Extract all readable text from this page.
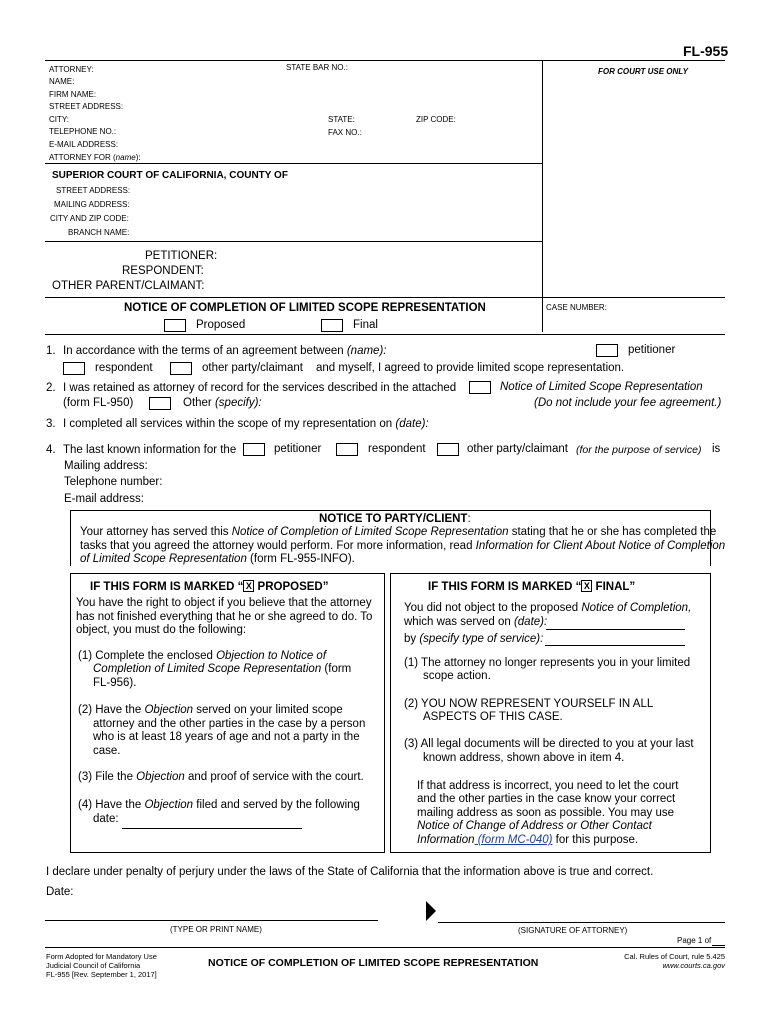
FL-955
FOR COURT USE ONLY
ATTORNEY:	STATE BAR NO.:
NAME:
FIRM NAME:
STREET ADDRESS:
CITY:	STATE:	ZIP CODE:
TELEPHONE NO.:	FAX NO.:
E-MAIL ADDRESS:
ATTORNEY FOR (name):
SUPERIOR COURT OF CALIFORNIA, COUNTY OF
STREET ADDRESS:
MAILING ADDRESS:
CITY AND ZIP CODE:
BRANCH NAME:
PETITIONER:
RESPONDENT:
OTHER PARENT/CLAIMANT:
NOTICE OF COMPLETION OF LIMITED SCOPE REPRESENTATION	CASE NUMBER:
Proposed	Final
1. In accordance with the terms of an agreement between (name):	petitioner
respondent	other party/claimant and myself, I agreed to provide limited scope representation.
2. I was retained as attorney of record for the services described in the attached	Notice of Limited Scope Representation
(form FL-950)	Other (specify):	(Do not include your fee agreement.)
3. I completed all services within the scope of my representation on (date):
4. The last known information for the	petitioner	respondent	other party/claimant (for the purpose of service) is
Mailing address:
Telephone number:
E-mail address:
NOTICE TO PARTY/CLIENT:
Your attorney has served this Notice of Completion of Limited Scope Representation stating that he or she has completed the
tasks that you agreed the attorney would perform. For more information, read Information for Client About Notice of Completion
of Limited Scope Representation (form FL-955-INFO).
IF THIS FORM IS MARKED “ X PROPOSED”
You have the right to object if you believe that the attorney
has not finished everything that he or she agreed to do. To
object, you must do the following:
(1) Complete the enclosed Objection to Notice of
Completion of Limited Scope Representation (form
FL-956).
(2) Have the Objection served on your limited scope
attorney and the other parties in the case by a person
who is at least 18 years of age and not a party in the
case.
(3) File the Objection and proof of service with the court.
(4) Have the Objection filed and served by the following
date:
IF THIS FORM IS MARKED “ X FINAL”
You did not object to the proposed Notice of Completion,
which was served on (date):
by (specify type of service):
(1) The attorney no longer represents you in your limited
scope action.
(2) YOU NOW REPRESENT YOURSELF IN ALL
ASPECTS OF THIS CASE.
(3) All legal documents will be directed to you at your last
known address, shown above in item 4.
If that address is incorrect, you need to let the court
and the other parties in the case know your correct
mailing address as soon as possible. You may use
Notice of Change of Address or Other Contact
Information (form MC-040) for this purpose.
I declare under penalty of perjury under the laws of the State of California that the information above is true and correct.
Date:
(TYPE OR PRINT NAME)	(SIGNATURE OF ATTORNEY)
Page 1 of
Form Adopted for Mandatory Use
Judicial Council of California
FL-955 [Rev. September 1, 2017]
NOTICE OF COMPLETION OF LIMITED SCOPE REPRESENTATION
Cal. Rules of Court, rule 5.425
www.courts.ca.gov
